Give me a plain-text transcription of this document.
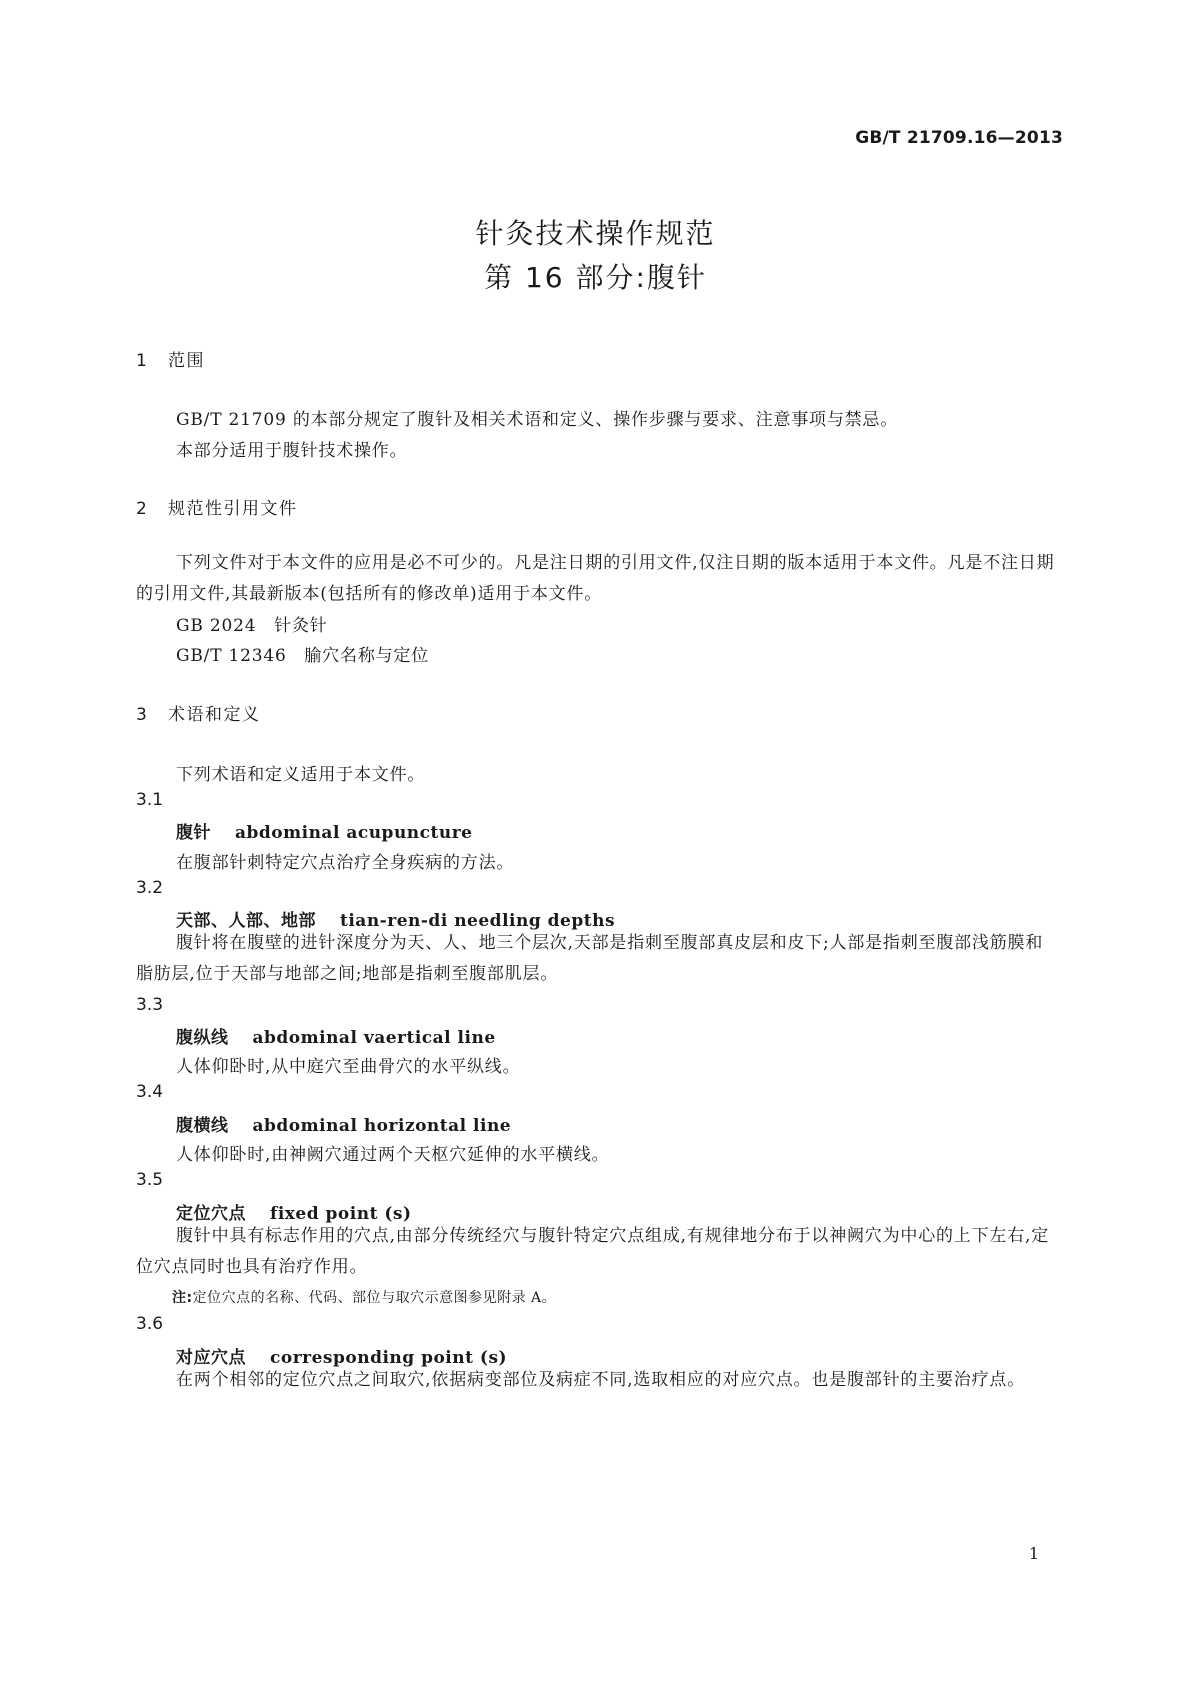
GB/T 21709.16—2013
针灸技术操作规范
第 16 部分:腹针
1 范围
GB/T 21709 的本部分规定了腹针及相关术语和定义、操作步骤与要求、注意事项与禁忌。
本部分适用于腹针技术操作。
2 规范性引用文件
下列文件对于本文件的应用是必不可少的。凡是注日期的引用文件,仅注日期的版本适用于本文件。凡是不注日期的引用文件,其最新版本(包括所有的修改单)适用于本文件。
GB 2024　针灸针
GB/T 12346　腧穴名称与定位
3 术语和定义
下列术语和定义适用于本文件。
3.1
腹针 abdominal acupuncture
在腹部针刺特定穴点治疗全身疾病的方法。
3.2
天部、人部、地部 tian-ren-di needling depths
腹针将在腹壁的进针深度分为天、人、地三个层次,天部是指刺至腹部真皮层和皮下;人部是指刺至腹部浅筋膜和脂肪层,位于天部与地部之间;地部是指刺至腹部肌层。
3.3
腹纵线 abdominal vaertical line
人体仰卧时,从中庭穴至曲骨穴的水平纵线。
3.4
腹横线 abdominal horizontal line
人体仰卧时,由神阙穴通过两个天枢穴延伸的水平横线。
3.5
定位穴点 fixed point (s)
腹针中具有标志作用的穴点,由部分传统经穴与腹针特定穴点组成,有规律地分布于以神阙穴为中心的上下左右,定位穴点同时也具有治疗作用。
注:定位穴点的名称、代码、部位与取穴示意图参见附录 A。
3.6
对应穴点 corresponding point (s)
在两个相邻的定位穴点之间取穴,依据病变部位及病症不同,选取相应的对应穴点。也是腹部针的主要治疗点。
1
